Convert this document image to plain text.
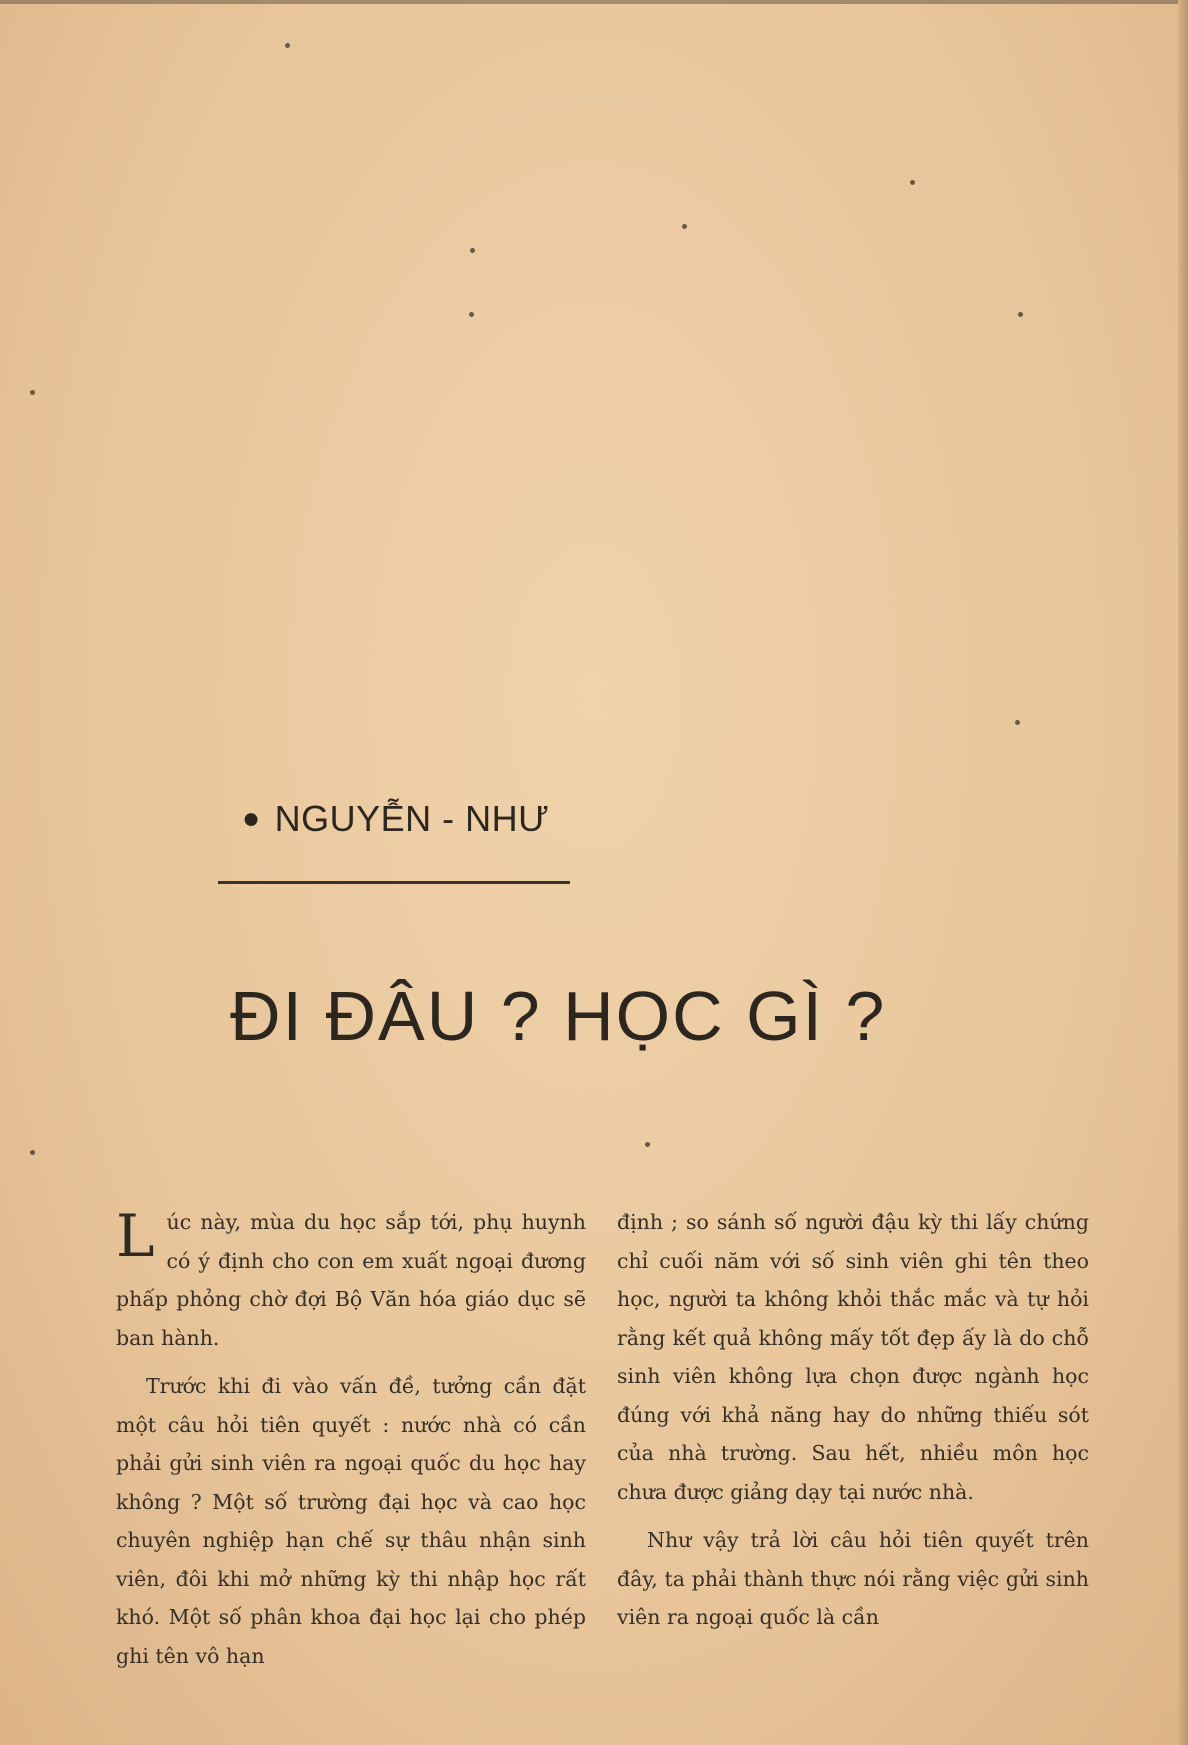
● NGUYỄN - NHƯ
ĐI ĐÂU ? HỌC GÌ ?

Lúc này, mùa du học sắp tới, phụ huynh có ý định cho con em xuất ngoại đương phấp phỏng chờ đợi Bộ Văn hóa giáo dục sẽ ban hành.

Trước khi đi vào vấn đề, tưởng cần đặt một câu hỏi tiên quyết : nước nhà có cần phải gửi sinh viên ra ngoại quốc du học hay không ? Một số trường đại học và cao học chuyên nghiệp hạn chế sự thâu nhận sinh viên, đôi khi mở những kỳ thi nhập học rất khó. Một số phân khoa đại học lại cho phép ghi tên vô hạn

định ; so sánh số người đậu kỳ thi lấy chứng chỉ cuối năm với số sinh viên ghi tên theo học, người ta không khỏi thắc mắc và tự hỏi rằng kết quả không mấy tốt đẹp ấy là do chỗ sinh viên không lựa chọn được ngành học đúng với khả năng hay do những thiếu sót của nhà trường. Sau hết, nhiều môn học chưa được giảng dạy tại nước nhà.

Như vậy trả lời câu hỏi tiên quyết trên đây, ta phải thành thực nói rằng việc gửi sinh viên ra ngoại quốc là cần
